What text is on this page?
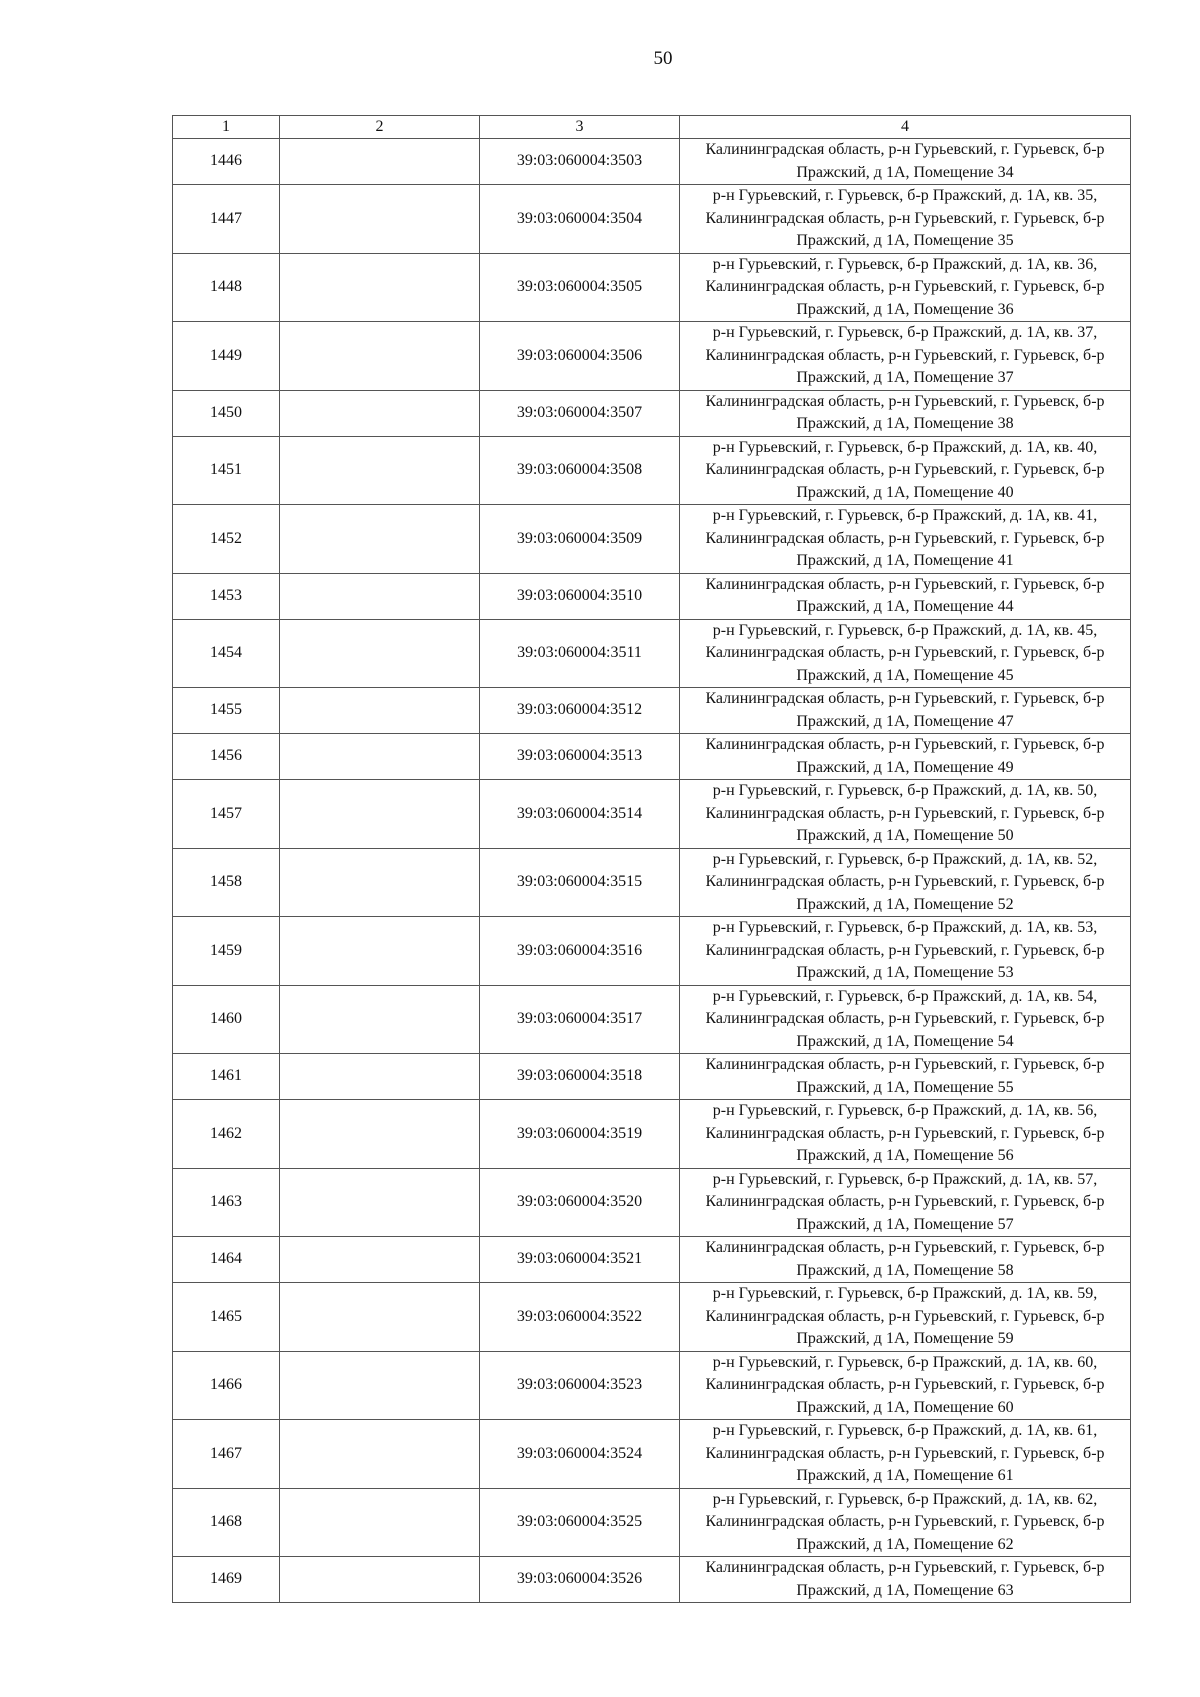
50
1	2	3	4
1446		39:03:060004:3503	Калининградская область, р-н Гурьевский, г. Гурьевск, б-р Пражский, д 1А, Помещение 34
1447		39:03:060004:3504	р-н Гурьевский, г. Гурьевск, б-р Пражский, д. 1А, кв. 35, Калининградская область, р-н Гурьевский, г. Гурьевск, б-р Пражский, д 1А, Помещение 35
1448		39:03:060004:3505	р-н Гурьевский, г. Гурьевск, б-р Пражский, д. 1А, кв. 36, Калининградская область, р-н Гурьевский, г. Гурьевск, б-р Пражский, д 1А, Помещение 36
1449		39:03:060004:3506	р-н Гурьевский, г. Гурьевск, б-р Пражский, д. 1А, кв. 37, Калининградская область, р-н Гурьевский, г. Гурьевск, б-р Пражский, д 1А, Помещение 37
1450		39:03:060004:3507	Калининградская область, р-н Гурьевский, г. Гурьевск, б-р Пражский, д 1А, Помещение 38
1451		39:03:060004:3508	р-н Гурьевский, г. Гурьевск, б-р Пражский, д. 1А, кв. 40, Калининградская область, р-н Гурьевский, г. Гурьевск, б-р Пражский, д 1А, Помещение 40
1452		39:03:060004:3509	р-н Гурьевский, г. Гурьевск, б-р Пражский, д. 1А, кв. 41, Калининградская область, р-н Гурьевский, г. Гурьевск, б-р Пражский, д 1А, Помещение 41
1453		39:03:060004:3510	Калининградская область, р-н Гурьевский, г. Гурьевск, б-р Пражский, д 1А, Помещение 44
1454		39:03:060004:3511	р-н Гурьевский, г. Гурьевск, б-р Пражский, д. 1А, кв. 45, Калининградская область, р-н Гурьевский, г. Гурьевск, б-р Пражский, д 1А, Помещение 45
1455		39:03:060004:3512	Калининградская область, р-н Гурьевский, г. Гурьевск, б-р Пражский, д 1А, Помещение 47
1456		39:03:060004:3513	Калининградская область, р-н Гурьевский, г. Гурьевск, б-р Пражский, д 1А, Помещение 49
1457		39:03:060004:3514	р-н Гурьевский, г. Гурьевск, б-р Пражский, д. 1А, кв. 50, Калининградская область, р-н Гурьевский, г. Гурьевск, б-р Пражский, д 1А, Помещение 50
1458		39:03:060004:3515	р-н Гурьевский, г. Гурьевск, б-р Пражский, д. 1А, кв. 52, Калининградская область, р-н Гурьевский, г. Гурьевск, б-р Пражский, д 1А, Помещение 52
1459		39:03:060004:3516	р-н Гурьевский, г. Гурьевск, б-р Пражский, д. 1А, кв. 53, Калининградская область, р-н Гурьевский, г. Гурьевск, б-р Пражский, д 1А, Помещение 53
1460		39:03:060004:3517	р-н Гурьевский, г. Гурьевск, б-р Пражский, д. 1А, кв. 54, Калининградская область, р-н Гурьевский, г. Гурьевск, б-р Пражский, д 1А, Помещение 54
1461		39:03:060004:3518	Калининградская область, р-н Гурьевский, г. Гурьевск, б-р Пражский, д 1А, Помещение 55
1462		39:03:060004:3519	р-н Гурьевский, г. Гурьевск, б-р Пражский, д. 1А, кв. 56, Калининградская область, р-н Гурьевский, г. Гурьевск, б-р Пражский, д 1А, Помещение 56
1463		39:03:060004:3520	р-н Гурьевский, г. Гурьевск, б-р Пражский, д. 1А, кв. 57, Калининградская область, р-н Гурьевский, г. Гурьевск, б-р Пражский, д 1А, Помещение 57
1464		39:03:060004:3521	Калининградская область, р-н Гурьевский, г. Гурьевск, б-р Пражский, д 1А, Помещение 58
1465		39:03:060004:3522	р-н Гурьевский, г. Гурьевск, б-р Пражский, д. 1А, кв. 59, Калининградская область, р-н Гурьевский, г. Гурьевск, б-р Пражский, д 1А, Помещение 59
1466		39:03:060004:3523	р-н Гурьевский, г. Гурьевск, б-р Пражский, д. 1А, кв. 60, Калининградская область, р-н Гурьевский, г. Гурьевск, б-р Пражский, д 1А, Помещение 60
1467		39:03:060004:3524	р-н Гурьевский, г. Гурьевск, б-р Пражский, д. 1А, кв. 61, Калининградская область, р-н Гурьевский, г. Гурьевск, б-р Пражский, д 1А, Помещение 61
1468		39:03:060004:3525	р-н Гурьевский, г. Гурьевск, б-р Пражский, д. 1А, кв. 62, Калининградская область, р-н Гурьевский, г. Гурьевск, б-р Пражский, д 1А, Помещение 62
1469		39:03:060004:3526	Калининградская область, р-н Гурьевский, г. Гурьевск, б-р Пражский, д 1А, Помещение 63
